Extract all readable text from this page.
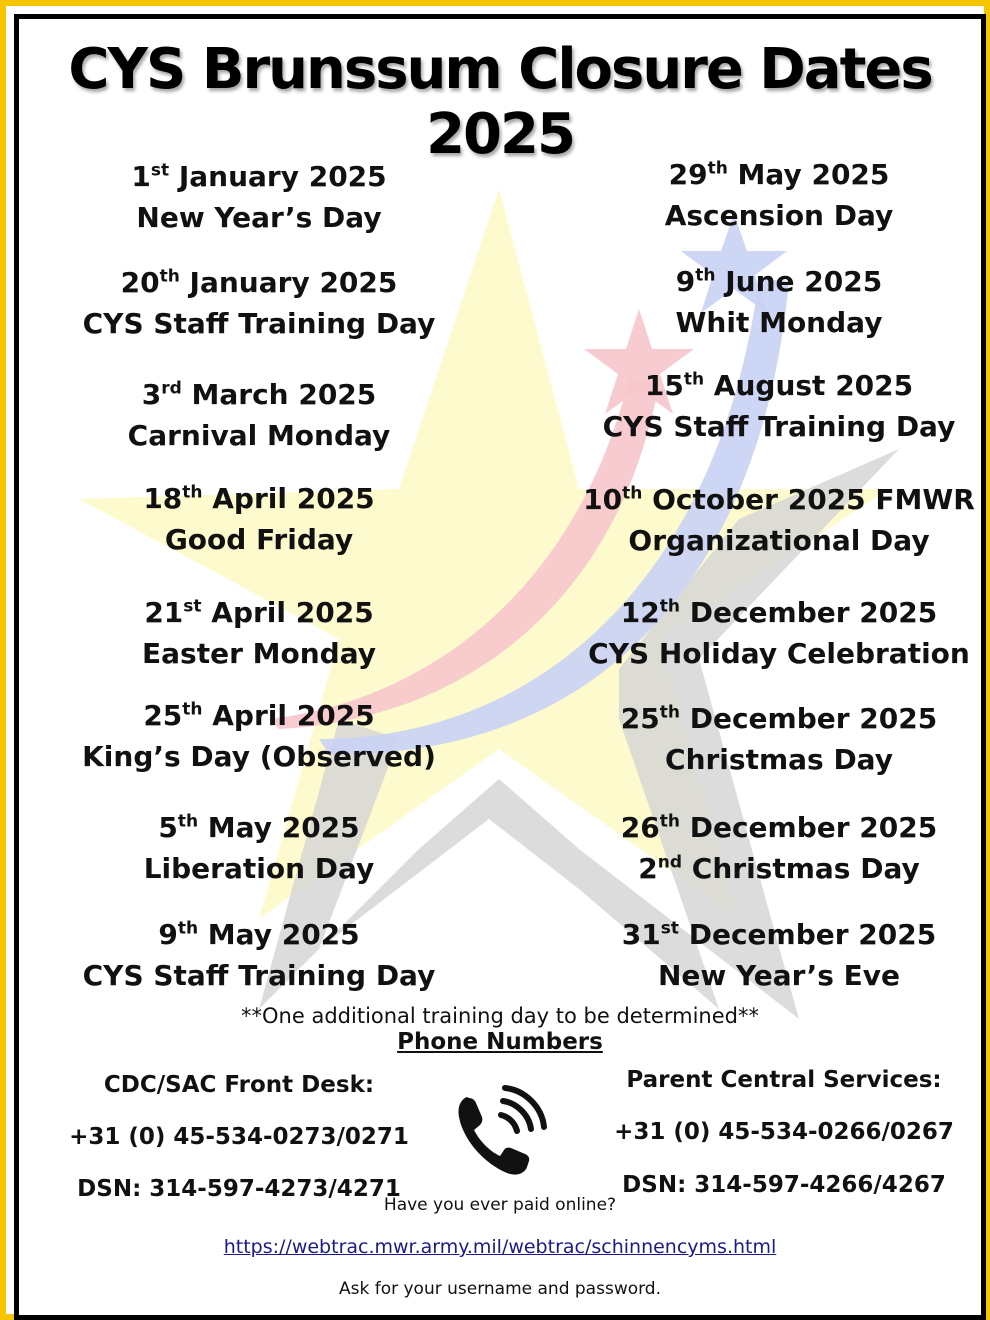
CYS Brunssum Closure Dates 2025
1st January 2025
New Year’s Day
20th January 2025
CYS Staff Training Day
3rd March 2025
Carnival Monday
18th April 2025
Good Friday
21st April 2025
Easter Monday
25th April 2025
King’s Day (Observed)
5th May 2025
Liberation Day
9th May 2025
CYS Staff Training Day
29th May 2025
Ascension Day
9th June 2025
Whit Monday
15th August 2025
CYS Staff Training Day
10th October 2025 FMWR
Organizational Day
12th December 2025
CYS Holiday Celebration
25th December 2025
Christmas Day
26th December 2025
2nd Christmas Day
31st December 2025
New Year’s Eve
**One additional training day to be determined**
Phone Numbers
CDC/SAC Front Desk:
+31 (0) 45-534-0273/0271
DSN: 314-597-4273/4271
Parent Central Services:
+31 (0) 45-534-0266/0267
DSN: 314-597-4266/4267
Have you ever paid online?
https://webtrac.mwr.army.mil/webtrac/schinnencyms.html
Ask for your username and password.
